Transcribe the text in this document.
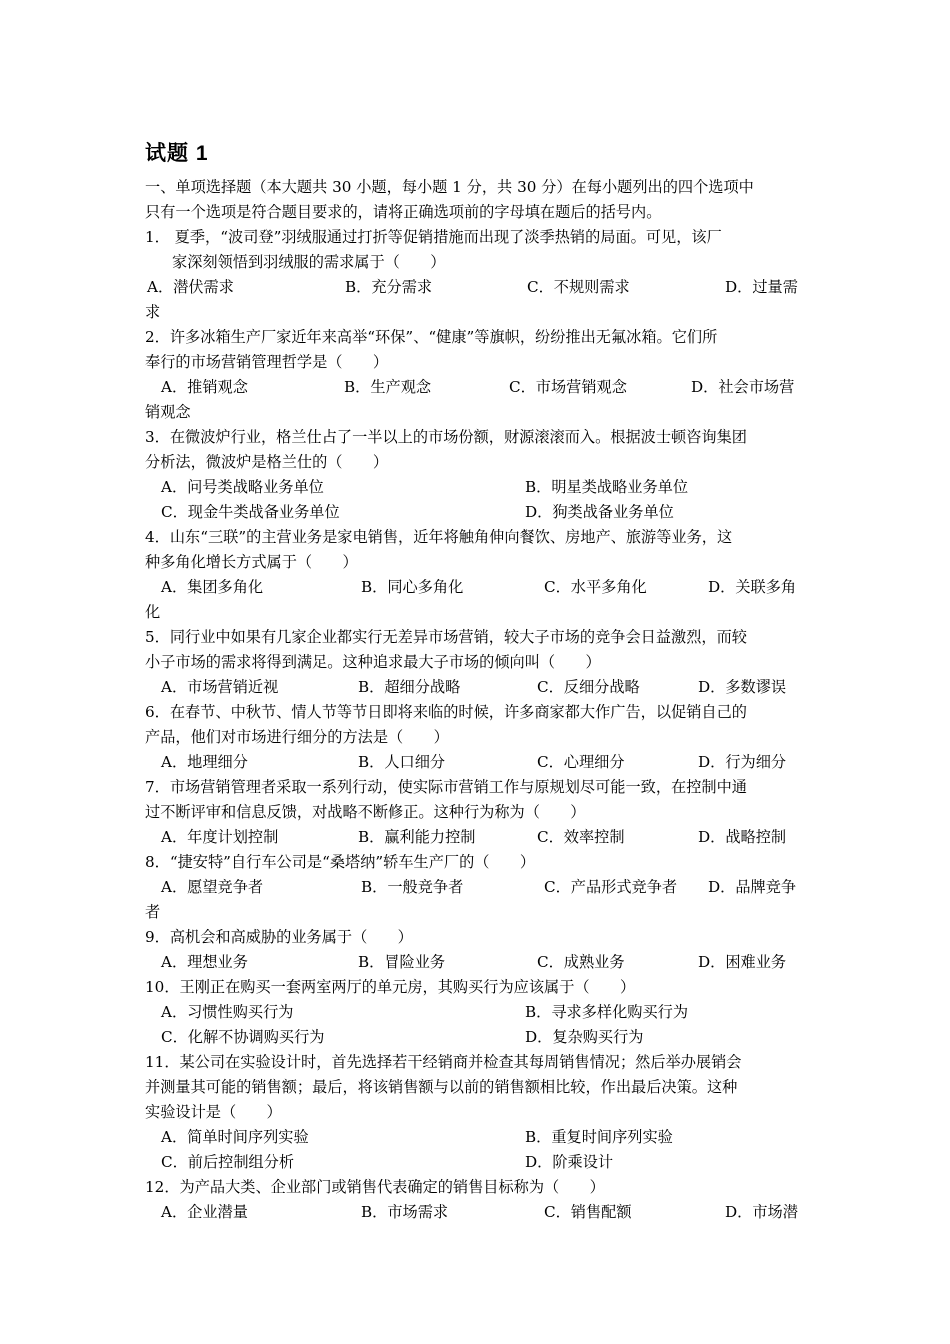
试题 1
一、单项选择题（本大题共 30 小题，每小题 1 分，共 30 分）在每小题列出的四个选项中
只有一个选项是符合题目要求的，请将正确选项前的字母填在题后的括号内。
1． 夏季，“波司登”羽绒服通过打折等促销措施而出现了淡季热销的局面。可见，该厂
家深刻领悟到羽绒服的需求属于（　　）
A．潜伏需求	B．充分需求	C．不规则需求	D．过量需
求
2．许多冰箱生产厂家近年来高举“环保”、“健康”等旗帜，纷纷推出无氟冰箱。它们所
奉行的市场营销管理哲学是（　　）
A．推销观念	B．生产观念	C．市场营销观念	D．社会市场营
销观念
3．在微波炉行业，格兰仕占了一半以上的市场份额，财源滚滚而入。根据波士顿咨询集团
分析法，微波炉是格兰仕的（　　）
A．问号类战略业务单位	B．明星类战略业务单位
C．现金牛类战备业务单位	D．狗类战备业务单位
4．山东“三联”的主营业务是家电销售，近年将触角伸向餐饮、房地产、旅游等业务，这
种多角化增长方式属于（　　）
A．集团多角化	B．同心多角化	C．水平多角化	D．关联多角
化
5．同行业中如果有几家企业都实行无差异市场营销，较大子市场的竞争会日益激烈，而较
小子市场的需求将得到满足。这种追求最大子市场的倾向叫（　　）
A．市场营销近视	B．超细分战略	C．反细分战略	D．多数谬误
6．在春节、中秋节、情人节等节日即将来临的时候，许多商家都大作广告，以促销自己的
产品，他们对市场进行细分的方法是（　　）
A．地理细分	B．人口细分	C．心理细分	D．行为细分
7．市场营销管理者采取一系列行动，使实际市营销工作与原规划尽可能一致，在控制中通
过不断评审和信息反馈，对战略不断修正。这种行为称为（　　）
A．年度计划控制	B．赢利能力控制	C．效率控制	D．战略控制
8．“捷安特”自行车公司是“桑塔纳”轿车生产厂的（　　）
A．愿望竞争者	B．一般竞争者	C．产品形式竞争者 D．品牌竞争
者
9．高机会和高威胁的业务属于（　　）
A．理想业务	B．冒险业务	C．成熟业务	D．困难业务
10．王刚正在购买一套两室两厅的单元房，其购买行为应该属于（　　）
A．习惯性购买行为	B．寻求多样化购买行为
C．化解不协调购买行为	D．复杂购买行为
11．某公司在实验设计时，首先选择若干经销商并检查其每周销售情况；然后举办展销会
并测量其可能的销售额；最后，将该销售额与以前的销售额相比较，作出最后决策。这种
实验设计是（　　）
A．简单时间序列实验	B．重复时间序列实验
C．前后控制组分析	D．阶乘设计
12．为产品大类、企业部门或销售代表确定的销售目标称为（　　）
A．企业潜量	B．市场需求	C．销售配额	D．市场潜
